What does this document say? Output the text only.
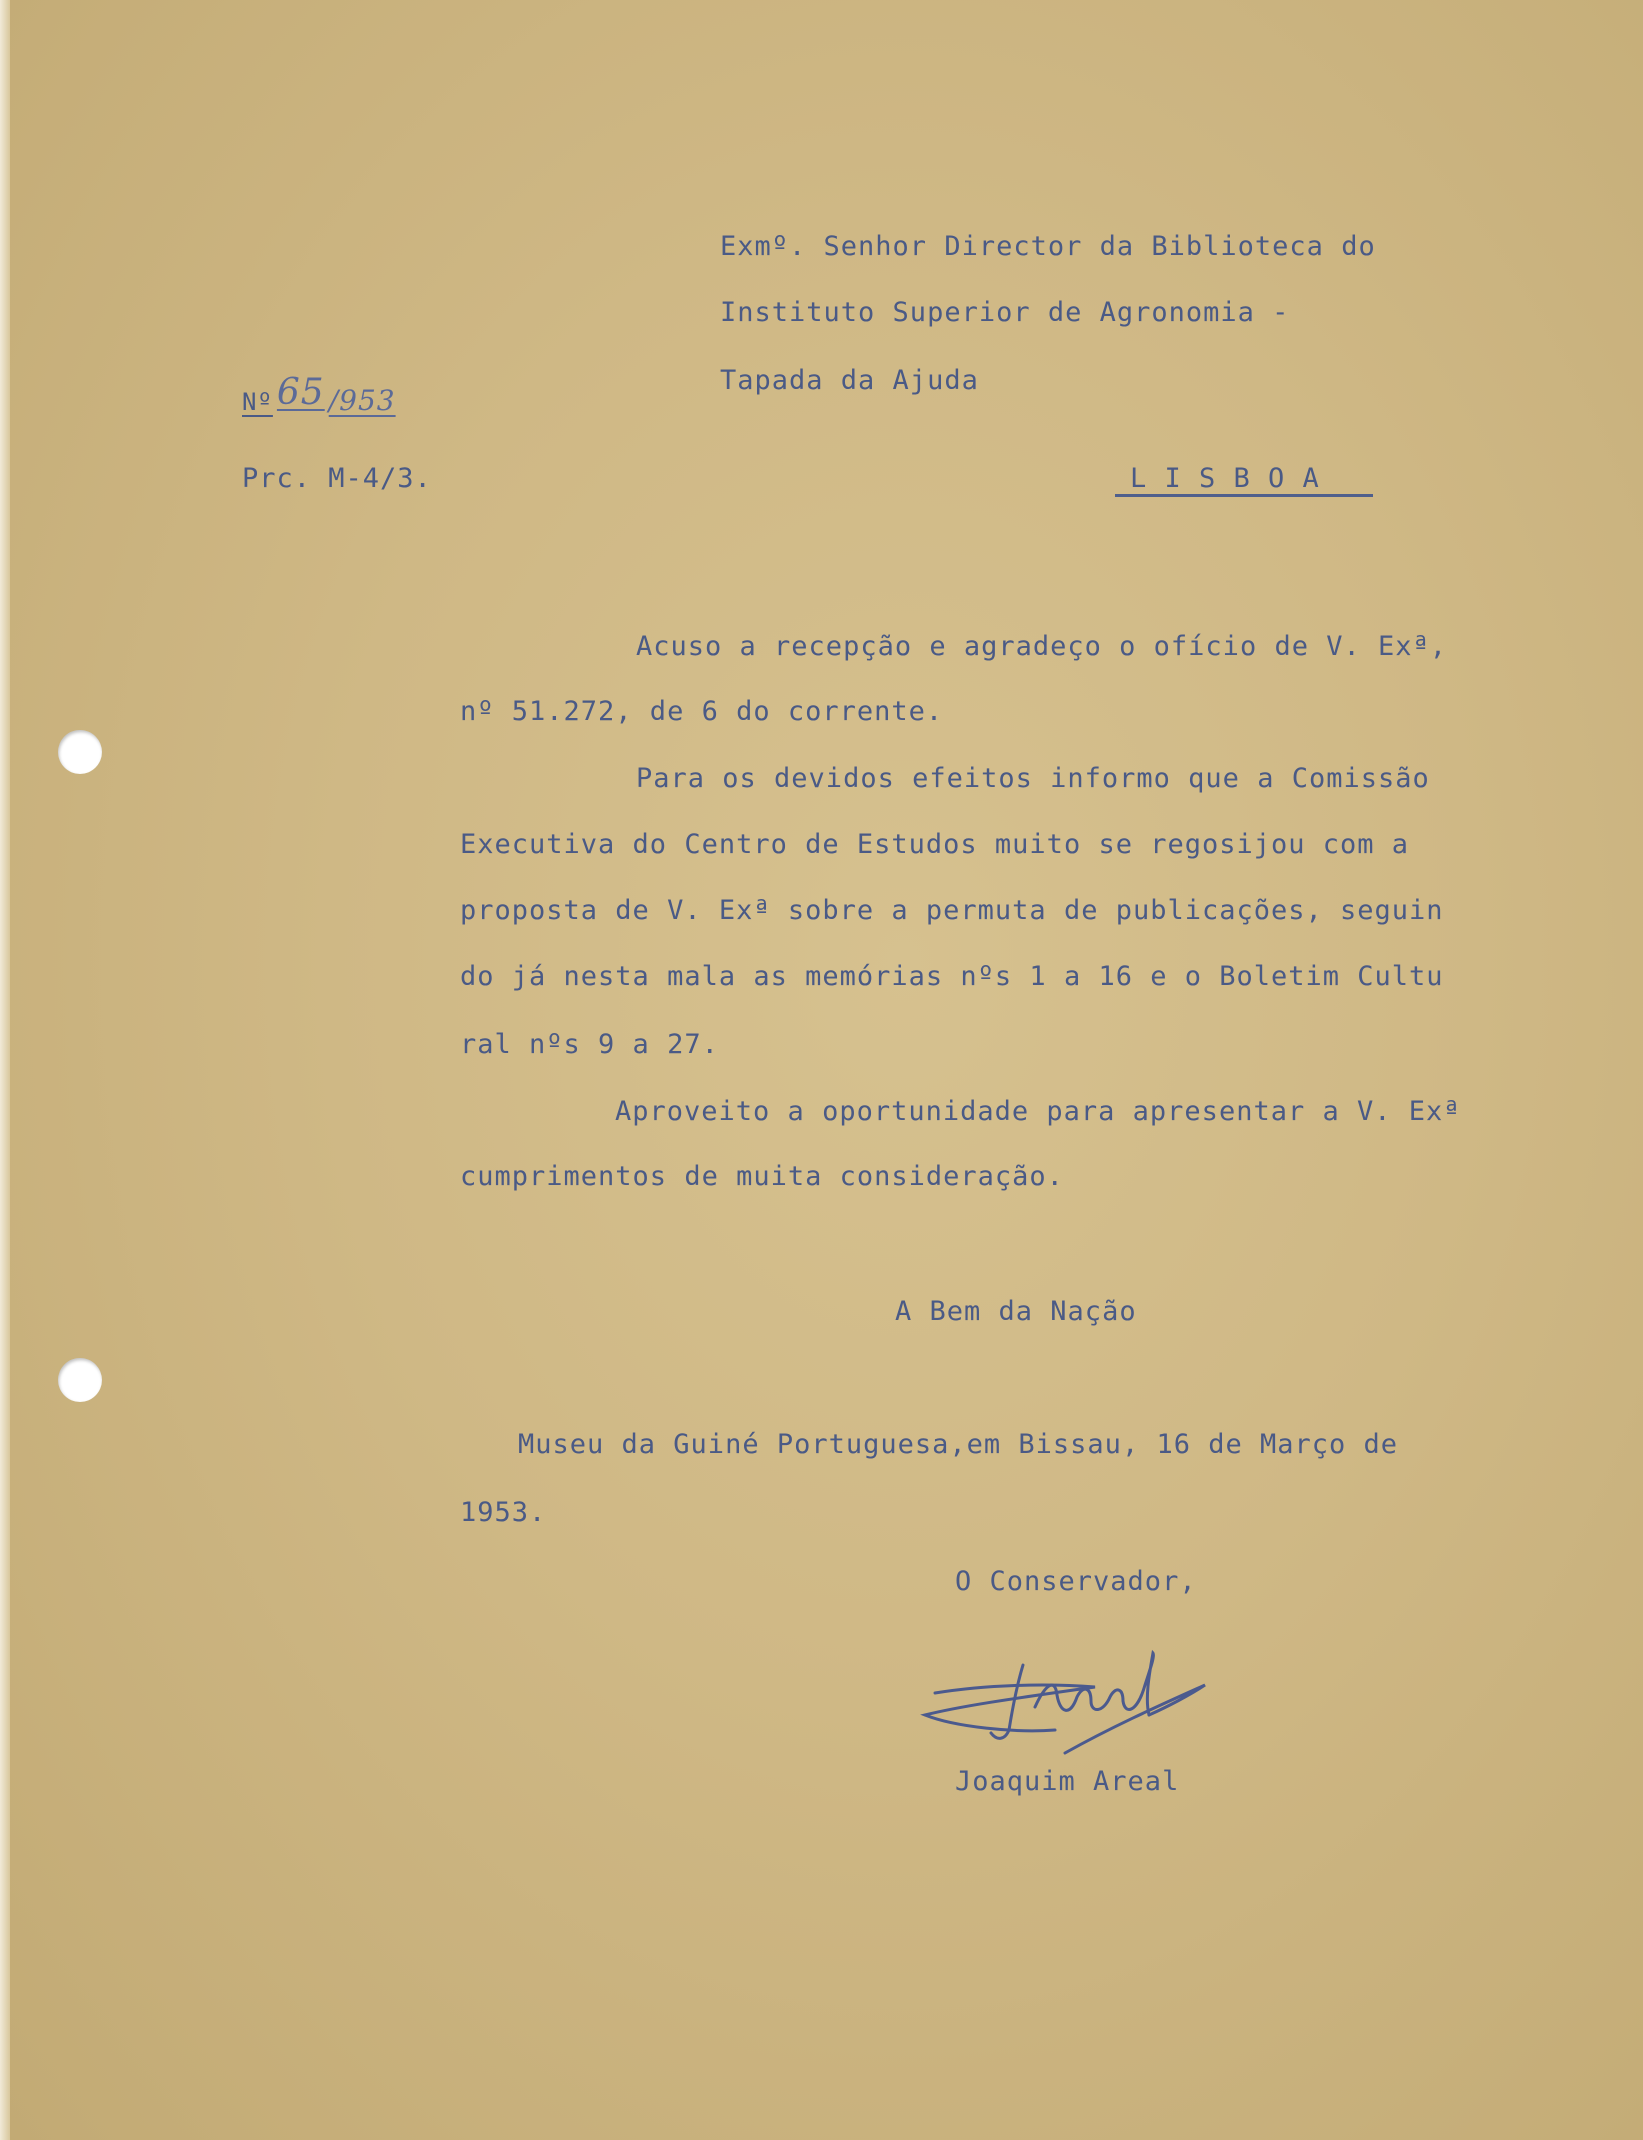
Exmº. Senhor Director da Biblioteca do

Instituto Superior de Agronomia -

Tapada da Ajuda

Nº 65 /953

Prc. M-4/3.	L I S B O A

Acuso a recepção e agradeço o ofício de V. Exª,

nº 51.272, de 6 do corrente.

Para os devidos efeitos informo que a Comissão

Executiva do Centro de Estudos muito se regosijou com a

proposta de V. Exª sobre a permuta de publicações, seguin

do já nesta mala as memórias nºs 1 a 16 e o Boletim Cultu

ral nºs 9 a 27.

Aproveito a oportunidade para apresentar a V. Exª

cumprimentos de muita consideração.

A Bem da Nação

Museu da Guiné Portuguesa,em Bissau, 16 de Março de

1953.

O Conservador,

Joaquim Areal
